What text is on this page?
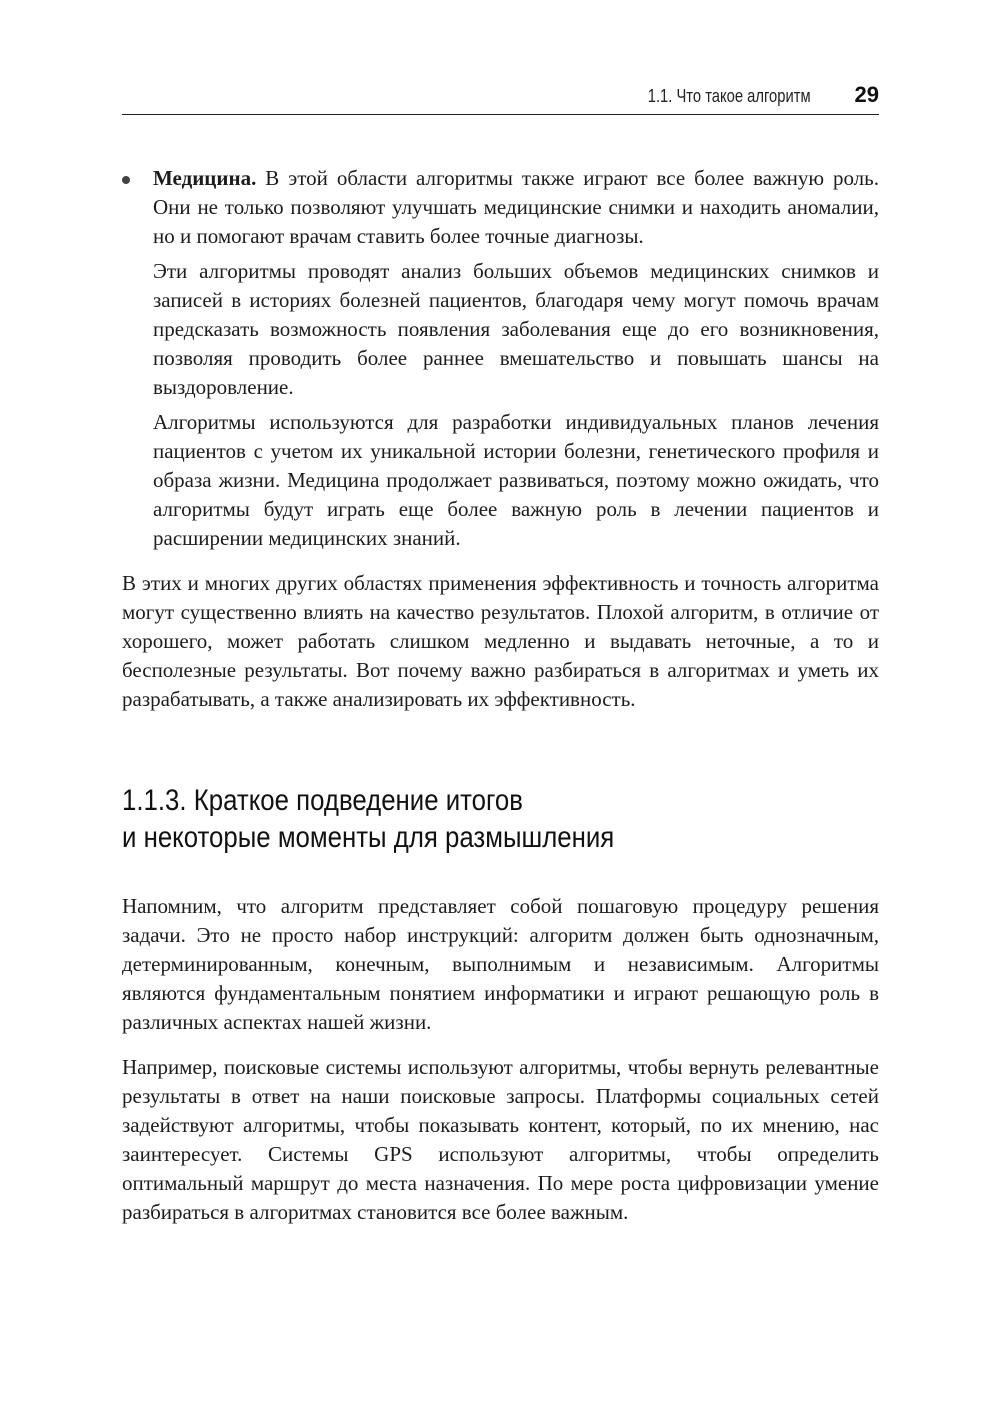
1.1. Что такое алгоритм 29

Медицина. В этой области алгоритмы также играют все более важную роль. Они не только позволяют улучшать медицинские снимки и находить аномалии, но и помогают врачам ставить более точные диагнозы.

Эти алгоритмы проводят анализ больших объемов медицинских снимков и записей в историях болезней пациентов, благодаря чему могут помочь врачам предсказать возможность появления заболевания еще до его возникновения, позволяя проводить более раннее вмешательство и повышать шансы на выздоровление.

Алгоритмы используются для разработки индивидуальных планов лечения пациентов с учетом их уникальной истории болезни, генетического профиля и образа жизни. Медицина продолжает развиваться, поэтому можно ожидать, что алгоритмы будут играть еще более важную роль в лечении пациентов и расширении медицинских знаний.

В этих и многих других областях применения эффективность и точность алгоритма могут существенно влиять на качество результатов. Плохой алгоритм, в отличие от хорошего, может работать слишком медленно и выдавать неточные, а то и бесполезные результаты. Вот почему важно разбираться в алгоритмах и уметь их разрабатывать, а также анализировать их эффективность.

1.1.3. Краткое подведение итогов
и некоторые моменты для размышления

Напомним, что алгоритм представляет собой пошаговую процедуру решения задачи. Это не просто набор инструкций: алгоритм должен быть однозначным, детерминированным, конечным, выполнимым и независимым. Алгоритмы являются фундаментальным понятием информатики и играют решающую роль в различных аспектах нашей жизни.

Например, поисковые системы используют алгоритмы, чтобы вернуть релевантные результаты в ответ на наши поисковые запросы. Платформы социальных сетей задействуют алгоритмы, чтобы показывать контент, который, по их мнению, нас заинтересует. Системы GPS используют алгоритмы, чтобы определить оптимальный маршрут до места назначения. По мере роста цифровизации умение разбираться в алгоритмах становится все более важным.
